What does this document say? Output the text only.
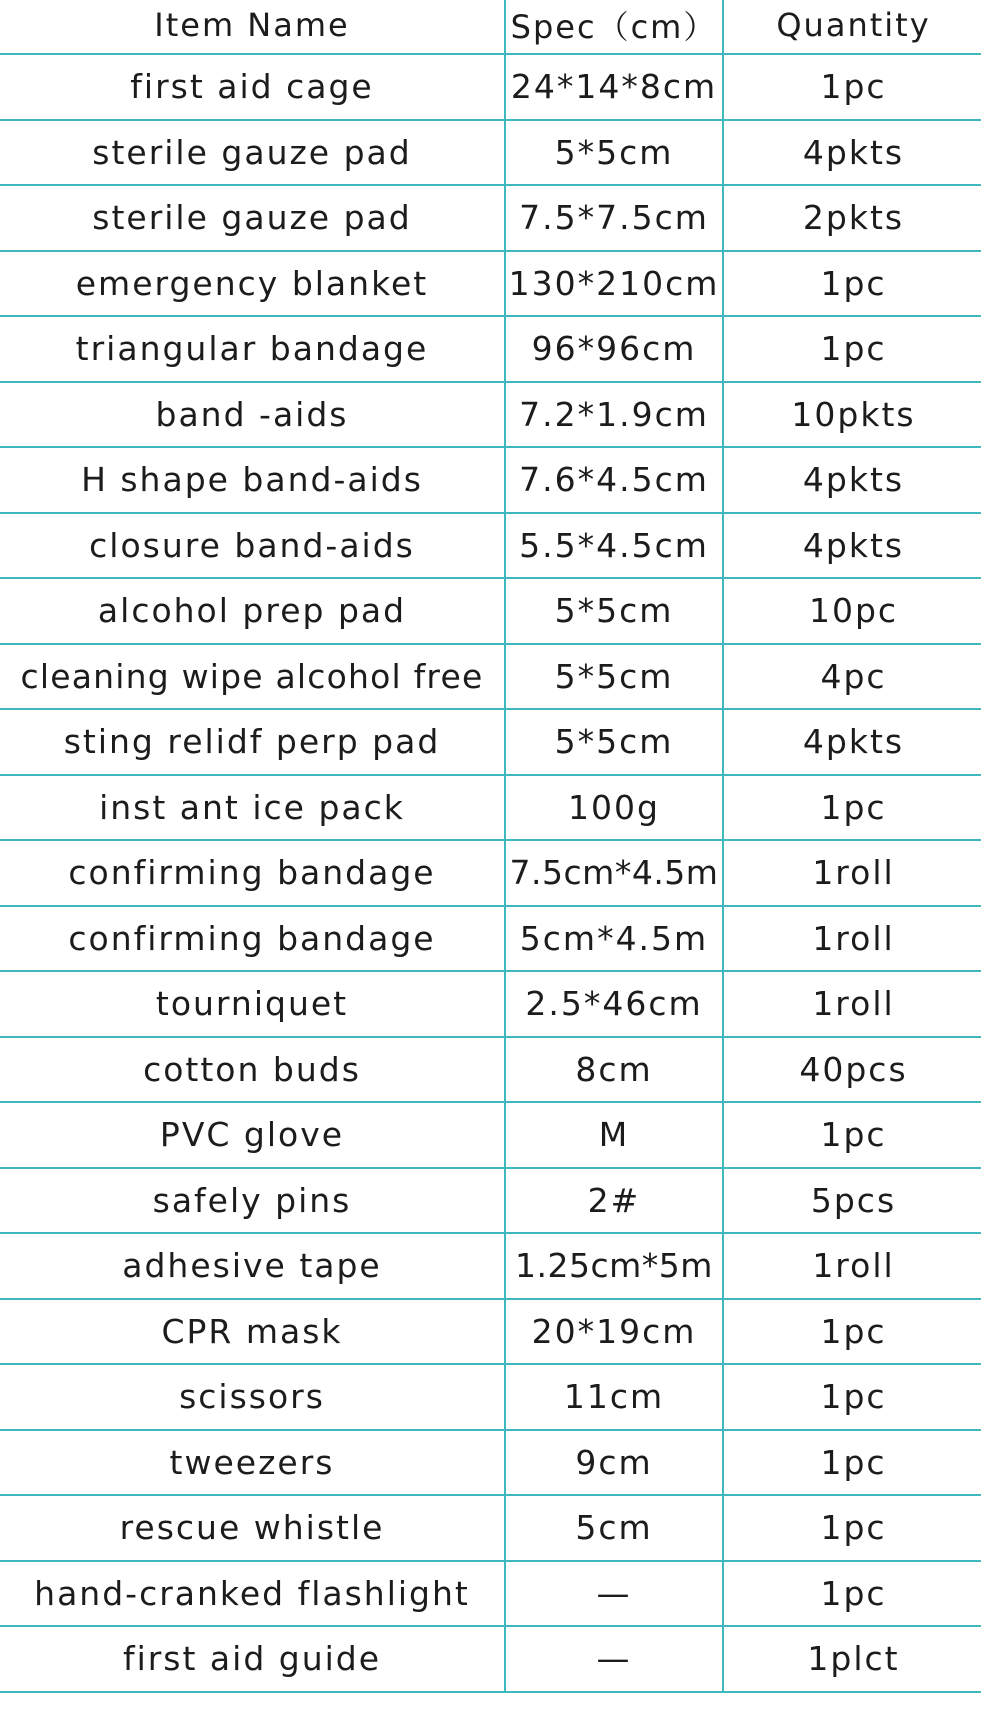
Item Name	Spec（cm）	Quantity
first aid cage	24*14*8cm	1pc
sterile gauze pad	5*5cm	4pkts
sterile gauze pad	7.5*7.5cm	2pkts
emergency blanket	130*210cm	1pc
triangular bandage	96*96cm	1pc
band -aids	7.2*1.9cm	10pkts
H shape band-aids	7.6*4.5cm	4pkts
closure band-aids	5.5*4.5cm	4pkts
alcohol prep pad	5*5cm	10pc
cleaning wipe alcohol free	5*5cm	4pc
sting relidf perp pad	5*5cm	4pkts
inst ant ice pack	100g	1pc
confirming bandage	7.5cm*4.5m	1roll
confirming bandage	5cm*4.5m	1roll
tourniquet	2.5*46cm	1roll
cotton buds	8cm	40pcs
PVC glove	M	1pc
safely pins	2#	5pcs
adhesive tape	1.25cm*5m	1roll
CPR mask	20*19cm	1pc
scissors	11cm	1pc
tweezers	9cm	1pc
rescue whistle	5cm	1pc
hand-cranked flashlight	—	1pc
first aid guide	—	1plct
